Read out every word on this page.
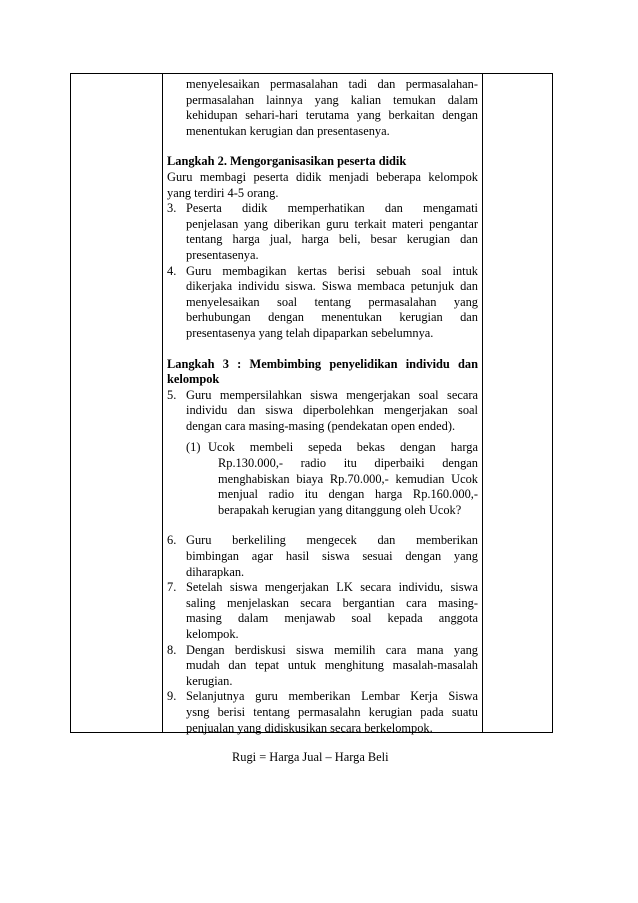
menyelesaikan permasalahan tadi dan permasalahan-
permasalahan lainnya yang kalian temukan dalam
kehidupan sehari-hari terutama yang berkaitan dengan
menentukan kerugian dan presentasenya.
Langkah 2. Mengorganisasikan peserta didik
Guru membagi peserta didik menjadi beberapa kelompok
yang terdiri 4-5 orang.
3. Peserta didik memperhatikan dan mengamati
penjelasan yang diberikan guru terkait materi pengantar
tentang harga jual, harga beli, besar kerugian dan
presentasenya.
4. Guru membagikan kertas berisi sebuah soal intuk
dikerjaka individu siswa. Siswa membaca petunjuk dan
menyelesaikan soal tentang permasalahan yang
berhubungan dengan menentukan kerugian dan
presentasenya yang telah dipaparkan sebelumnya.
Langkah 3 : Membimbing penyelidikan individu dan
kelompok
5. Guru mempersilahkan siswa mengerjakan soal secara
individu dan siswa diperbolehkan mengerjakan soal
dengan cara masing-masing (pendekatan open ended).
(1) Ucok membeli sepeda bekas dengan harga
Rp.130.000,- radio itu diperbaiki dengan
menghabiskan biaya Rp.70.000,- kemudian Ucok
menjual radio itu dengan harga Rp.160.000,-
berapakah kerugian yang ditanggung oleh Ucok?
6. Guru berkeliling mengecek dan memberikan
bimbingan agar hasil siswa sesuai dengan yang
diharapkan.
7. Setelah siswa mengerjakan LK secara individu, siswa
saling menjelaskan secara bergantian cara masing-
masing dalam menjawab soal kepada anggota
kelompok.
8. Dengan berdiskusi siswa memilih cara mana yang
mudah dan tepat untuk menghitung masalah-masalah
kerugian.
9. Selanjutnya guru memberikan Lembar Kerja Siswa
ysng berisi tentang permasalahn kerugian pada suatu
penjualan yang didiskusikan secara berkelompok.
Rugi = Harga Jual – Harga Beli
